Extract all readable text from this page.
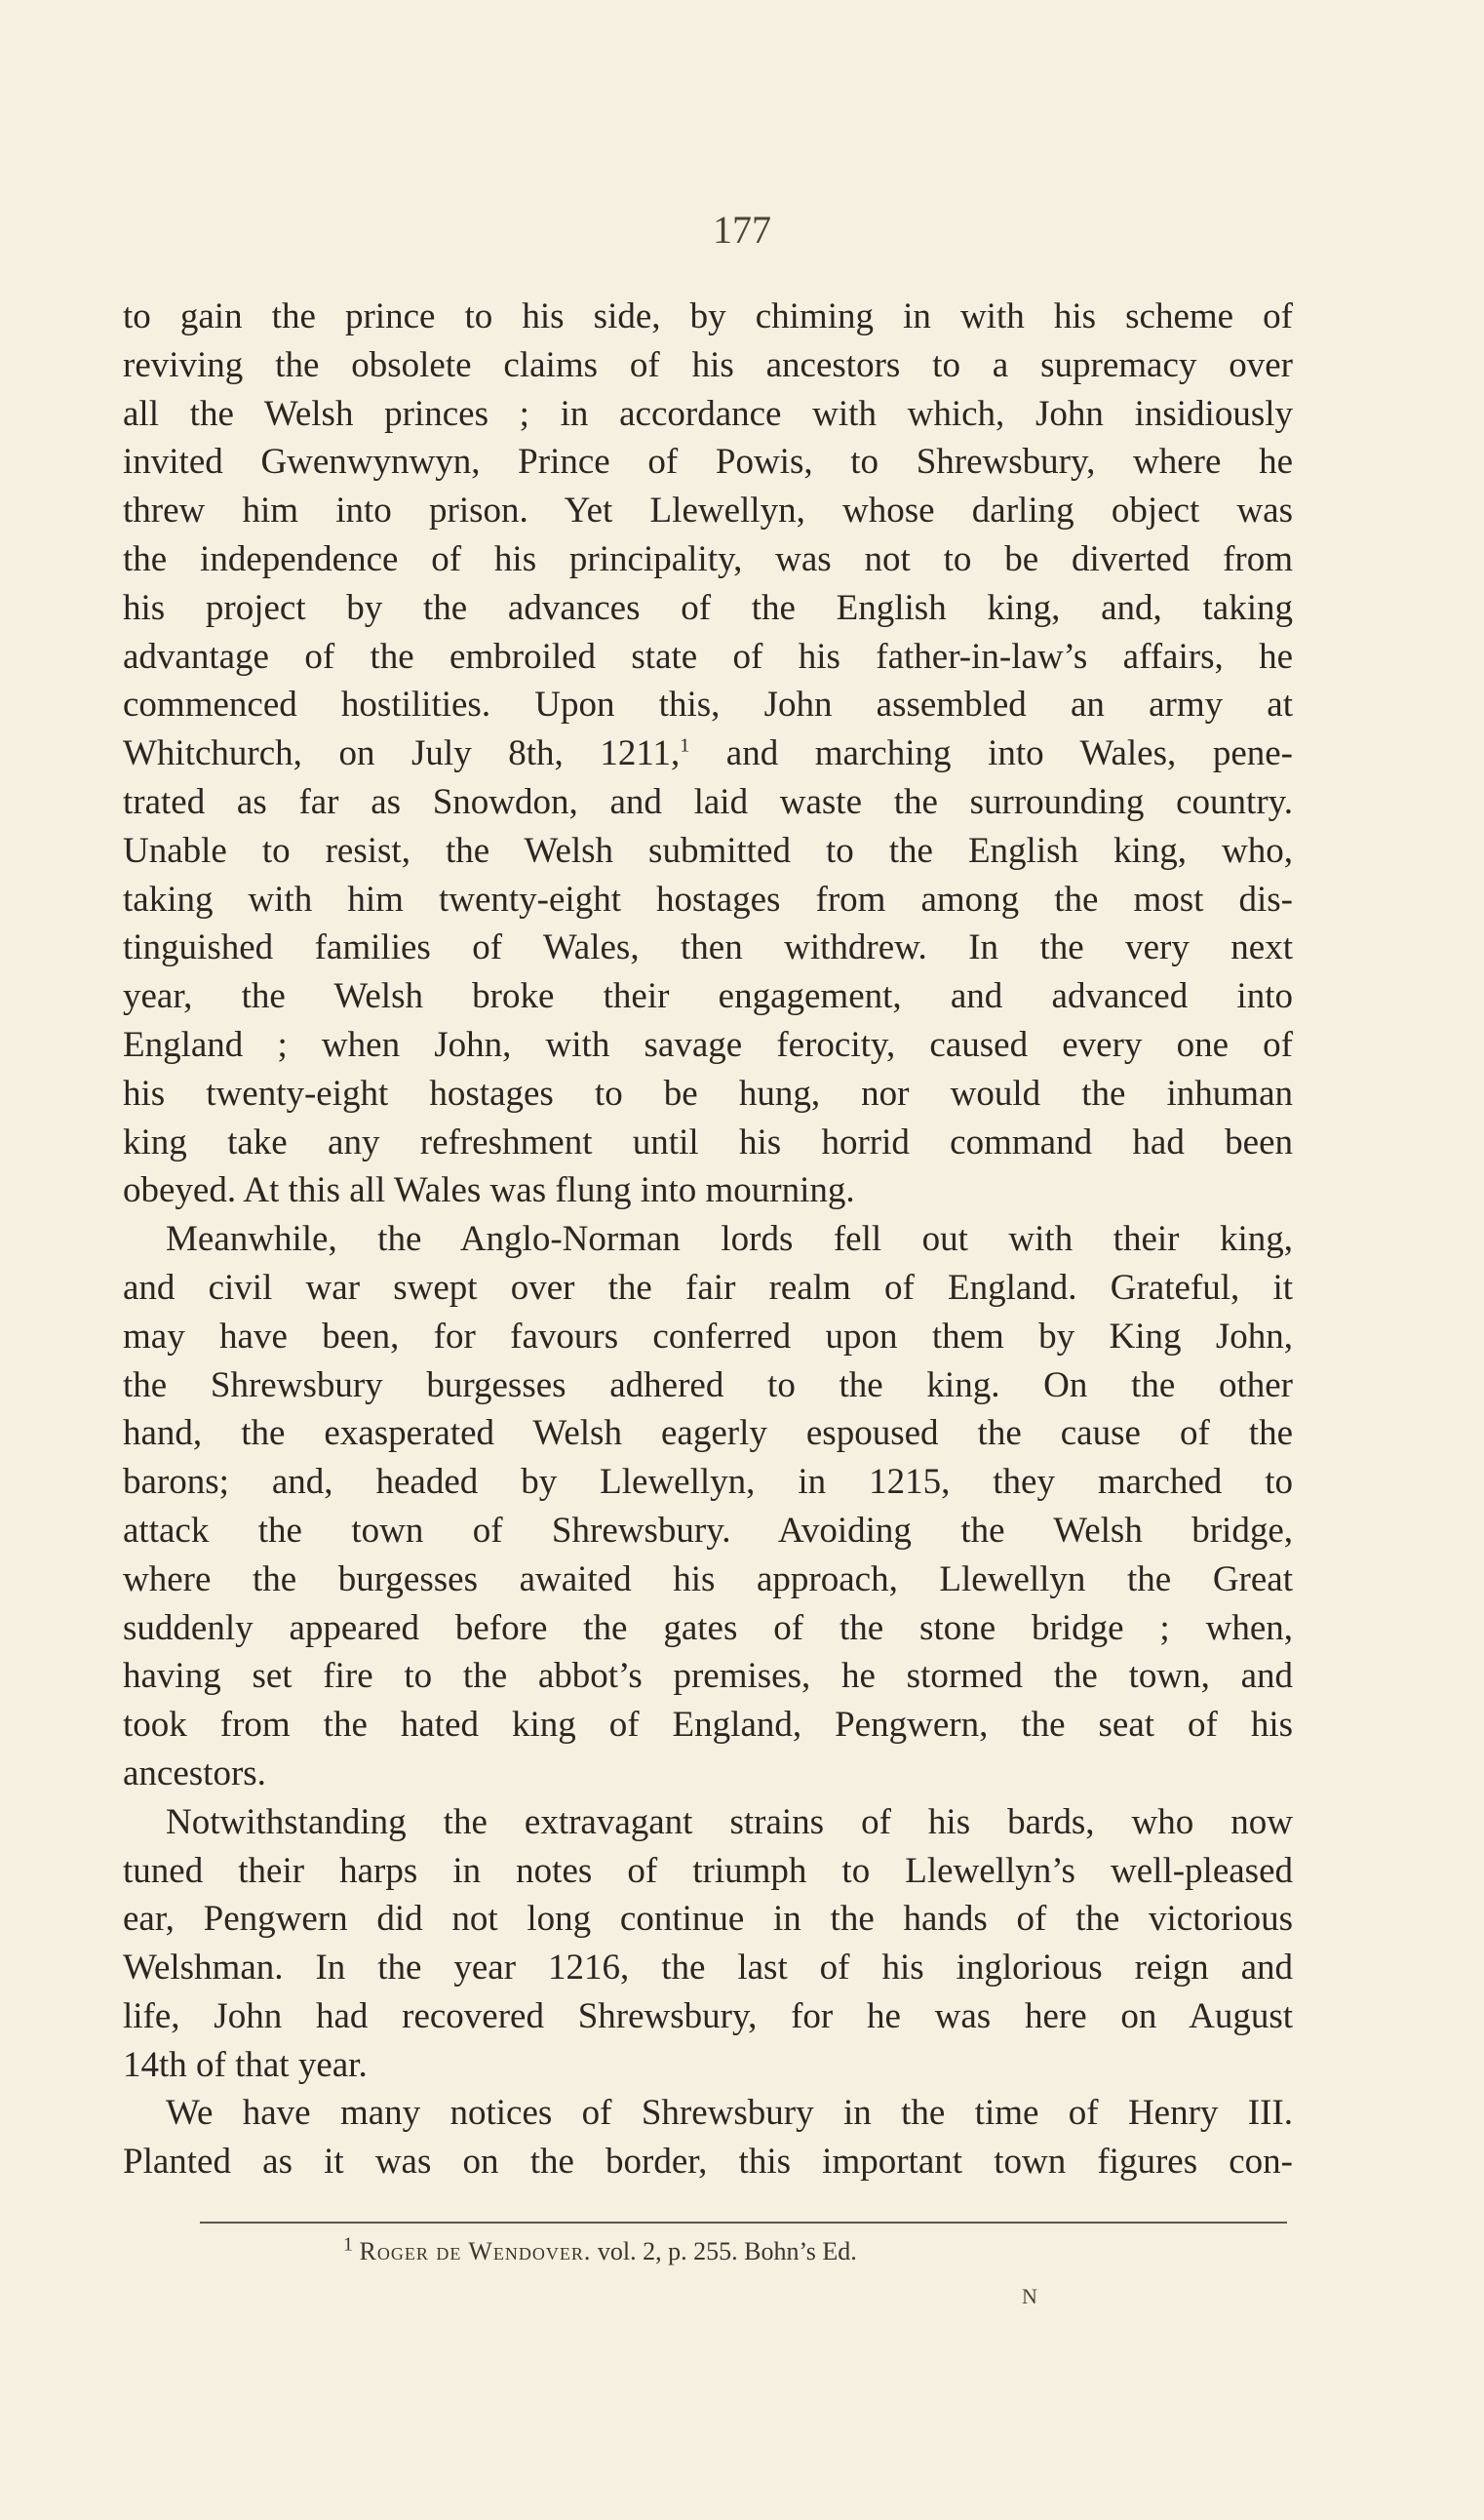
177
to gain the prince to his side, by chiming in with his scheme of
reviving the obsolete claims of his ancestors to a supremacy over
all the Welsh princes ; in accordance with which, John insidiously
invited Gwenwynwyn, Prince of Powis, to Shrewsbury, where he
threw him into prison. Yet Llewellyn, whose darling object was
the independence of his principality, was not to be diverted from
his project by the advances of the English king, and, taking
advantage of the embroiled state of his father-in-law’s affairs, he
commenced hostilities. Upon this, John assembled an army at
Whitchurch, on July 8th, 1211,$^1$ and marching into Wales, pene-
trated as far as Snowdon, and laid waste the surrounding country.
Unable to resist, the Welsh submitted to the English king, who,
taking with him twenty-eight hostages from among the most dis-
tinguished families of Wales, then withdrew. In the very next
year, the Welsh broke their engagement, and advanced into
England ; when John, with savage ferocity, caused every one of
his twenty-eight hostages to be hung, nor would the inhuman
king take any refreshment until his horrid command had been
obeyed. At this all Wales was flung into mourning.
Meanwhile, the Anglo-Norman lords fell out with their king,
and civil war swept over the fair realm of England. Grateful, it
may have been, for favours conferred upon them by King John,
the Shrewsbury burgesses adhered to the king. On the other
hand, the exasperated Welsh eagerly espoused the cause of the
barons; and, headed by Llewellyn, in 1215, they marched to
attack the town of Shrewsbury. Avoiding the Welsh bridge,
where the burgesses awaited his approach, Llewellyn the Great
suddenly appeared before the gates of the stone bridge ; when,
having set fire to the abbot’s premises, he stormed the town, and
took from the hated king of England, Pengwern, the seat of his
ancestors.
Notwithstanding the extravagant strains of his bards, who now
tuned their harps in notes of triumph to Llewellyn’s well-pleased
ear, Pengwern did not long continue in the hands of the victorious
Welshman. In the year 1216, the last of his inglorious reign and
life, John had recovered Shrewsbury, for he was here on August
14th of that year.
We have many notices of Shrewsbury in the time of Henry III.
Planted as it was on the border, this important town figures con-
$^1$ Roger de Wendover. vol. 2, p. 255. Bohn’s Ed.
N
